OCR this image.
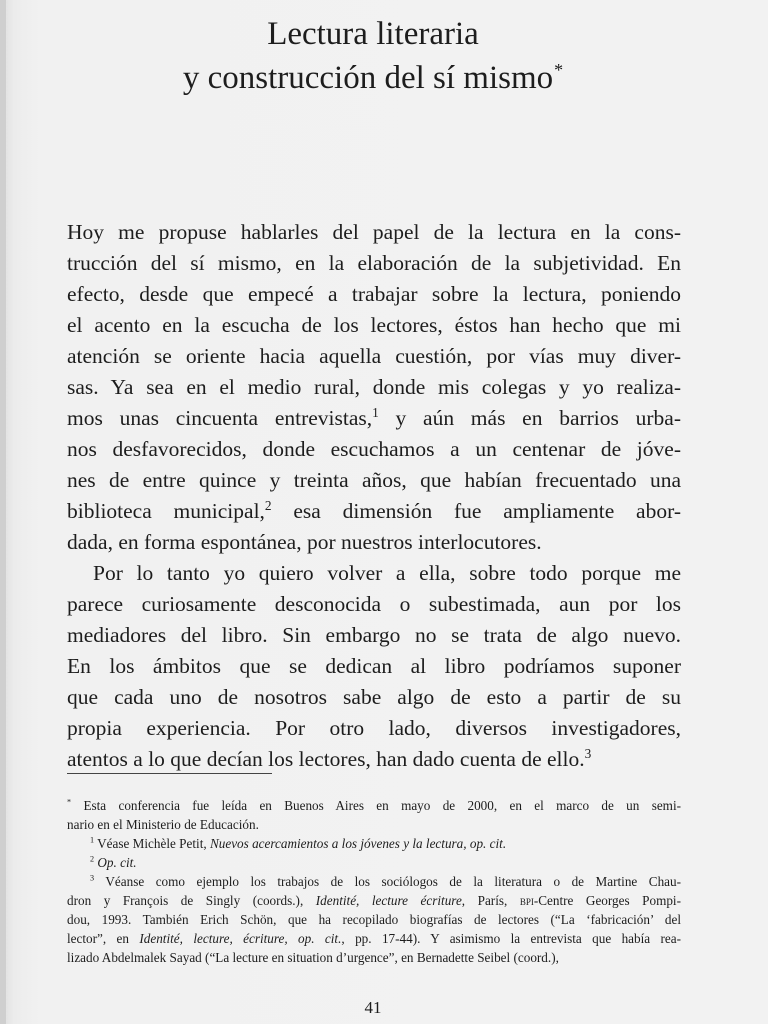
Lectura literaria
y construcción del sí mismo*

Hoy me propuse hablarles del papel de la lectura en la cons-

trucción del sí mismo, en la elaboración de la subjetividad. En

efecto, desde que empecé a trabajar sobre la lectura, poniendo

el acento en la escucha de los lectores, éstos han hecho que mi

atención se oriente hacia aquella cuestión, por vías muy diver-

sas. Ya sea en el medio rural, donde mis colegas y yo realiza-

mos unas cincuenta entrevistas,$^1$ y aún más en barrios urba-

nos desfavorecidos, donde escuchamos a un centenar de jóve-

nes de entre quince y treinta años, que habían frecuentado una

biblioteca municipal,$^2$ esa dimensión fue ampliamente abor-

dada, en forma espontánea, por nuestros interlocutores.

Por lo tanto yo quiero volver a ella, sobre todo porque me

parece curiosamente desconocida o subestimada, aun por los

mediadores del libro. Sin embargo no se trata de algo nuevo.

En los ámbitos que se dedican al libro podríamos suponer

que cada uno de nosotros sabe algo de esto a partir de su

propia experiencia. Por otro lado, diversos investigadores,

atentos a lo que decían los lectores, han dado cuenta de ello.$^3$

* Esta conferencia fue leída en Buenos Aires en mayo de 2000, en el marco de un semi-

nario en el Ministerio de Educación.

$^1$ Véase Michèle Petit, Nuevos acercamientos a los jóvenes y la lectura, op. cit.

$^2$ Op. cit.

$^3$ Véanse como ejemplo los trabajos de los sociólogos de la literatura o de Martine Chau-

dron y François de Singly (coords.), Identité, lecture écriture, París, bpi-Centre Georges Pompi-

dou, 1993. También Erich Schön, que ha recopilado biografías de lectores (“La ‘fabricación’ del

lector”, en Identité, lecture, écriture, op. cit., pp. 17-44). Y asimismo la entrevista que había rea-

lizado Abdelmalek Sayad (“La lecture en situation d’urgence”, en Bernadette Seibel (coord.),

41
